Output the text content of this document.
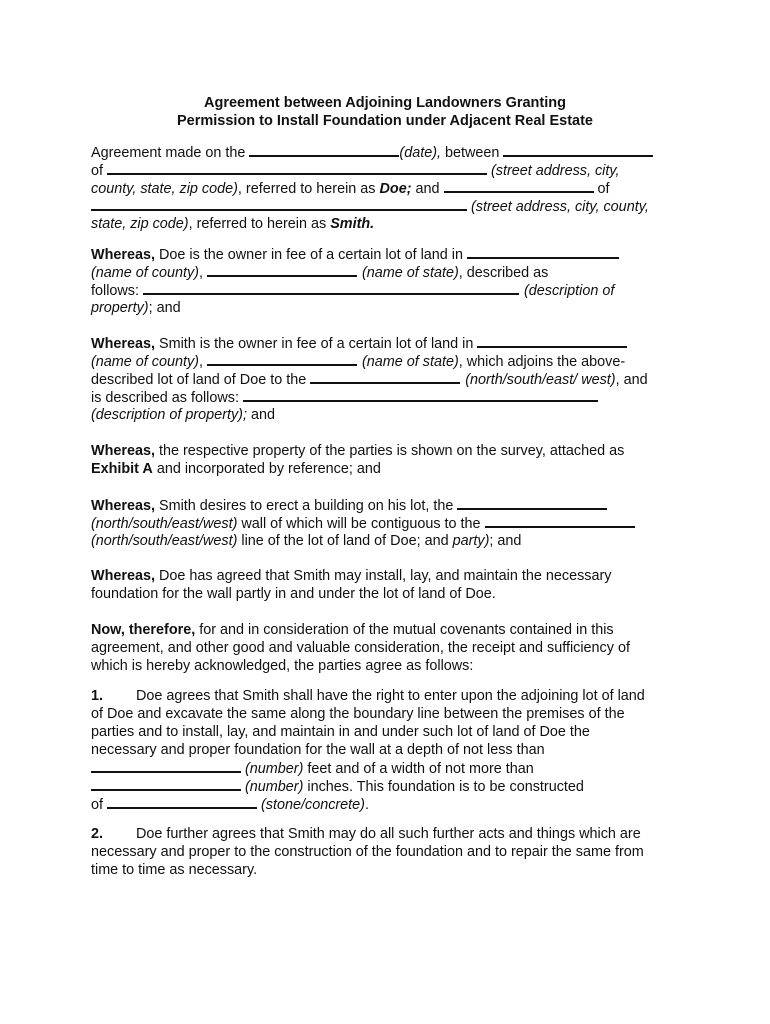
Agreement between Adjoining Landowners Granting
Permission to Install Foundation under Adjacent Real Estate
Agreement made on the	(date), between
of	(street address, city,
county, state, zip code), referred to herein as Doe; and	of
(street address, city, county,
state, zip code), referred to herein as Smith.
Whereas, Doe is the owner in fee of a certain lot of land in
(name of county),	(name of state), described as
follows:	(description of
property); and
Whereas, Smith is the owner in fee of a certain lot of land in
(name of county),	(name of state), which adjoins the above-
described lot of land of Doe to the	(north/south/east/ west), and
is described as follows:
(description of property); and
Whereas, the respective property of the parties is shown on the survey, attached as
Exhibit A and incorporated by reference; and
Whereas, Smith desires to erect a building on his lot, the
(north/south/east/west) wall of which will be contiguous to the
(north/south/east/west) line of the lot of land of Doe; and party); and
Whereas, Doe has agreed that Smith may install, lay, and maintain the necessary
foundation for the wall partly in and under the lot of land of Doe.
Now, therefore, for and in consideration of the mutual covenants contained in this
agreement, and other good and valuable consideration, the receipt and sufficiency of
which is hereby acknowledged, the parties agree as follows:
1. Doe agrees that Smith shall have the right to enter upon the adjoining lot of land
of Doe and excavate the same along the boundary line between the premises of the
parties and to install, lay, and maintain in and under such lot of land of Doe the
necessary and proper foundation for the wall at a depth of not less than
(number) feet and of a width of not more than
(number) inches. This foundation is to be constructed
of	(stone/concrete).
2. Doe further agrees that Smith may do all such further acts and things which are
necessary and proper to the construction of the foundation and to repair the same from
time to time as necessary.
